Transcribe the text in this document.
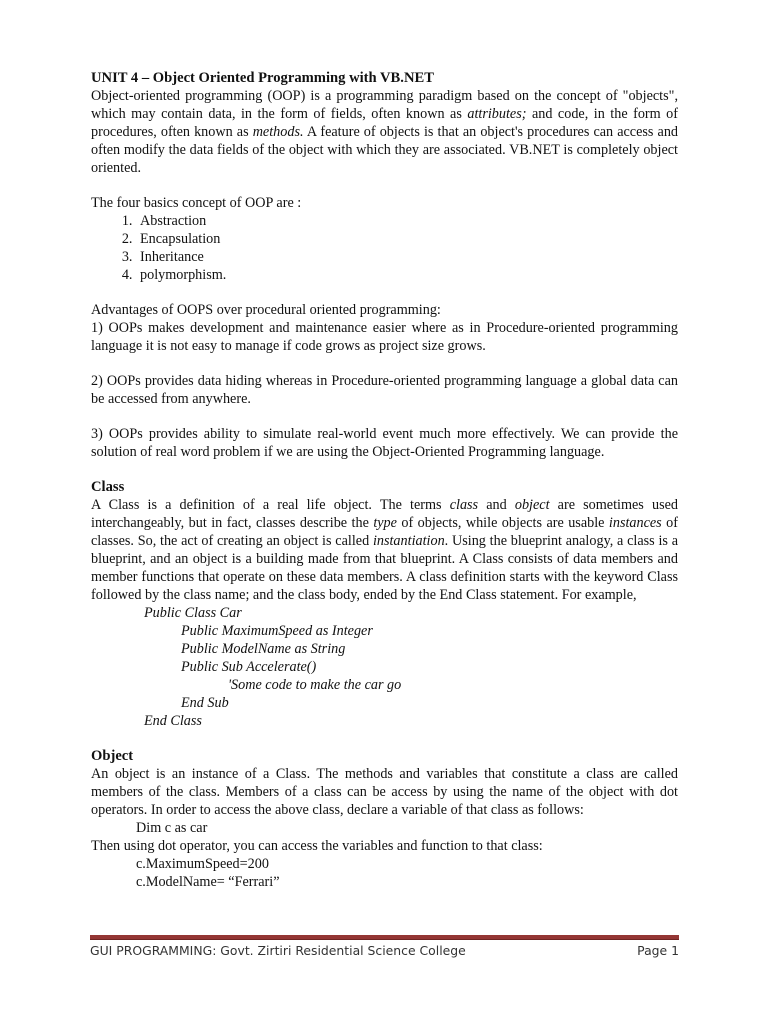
UNIT 4 – Object Oriented Programming with VB.NET

Object-oriented programming (OOP) is a programming paradigm based on the concept of "objects", which may contain data, in the form of fields, often known as attributes; and code, in the form of procedures, often known as methods. A feature of objects is that an object's procedures can access and often modify the data fields of the object with which they are associated. VB.NET is completely object oriented.

The four basics concept of OOP are :

1. Abstraction
2. Encapsulation
3. Inheritance
4. polymorphism.

Advantages of OOPS over procedural oriented programming:

1) OOPs makes development and maintenance easier where as in Procedure-oriented programming language it is not easy to manage if code grows as project size grows.

2) OOPs provides data hiding whereas in Procedure-oriented programming language a global data can be accessed from anywhere.

3) OOPs provides ability to simulate real-world event much more effectively. We can provide the solution of real word problem if we are using the Object-Oriented Programming language.

Class

A Class is a definition of a real life object. The terms class and object are sometimes used interchangeably, but in fact, classes describe the type of objects, while objects are usable instances of classes. So, the act of creating an object is called instantiation. Using the blueprint analogy, a class is a blueprint, and an object is a building made from that blueprint. A Class consists of data members and member functions that operate on these data members. A class definition starts with the keyword Class followed by the class name; and the class body, ended by the End Class statement. For example,

Public Class Car

Public MaximumSpeed as Integer

Public ModelName as String

Public Sub Accelerate()

'Some code to make the car go

End Sub

End Class

Object

An object is an instance of a Class. The methods and variables that constitute a class are called members of the class. Members of a class can be access by using the name of the object with dot operators. In order to access the above class, declare a variable of that class as follows:

Dim c as car

Then using dot operator, you can access the variables and function to that class:

c.MaximumSpeed=200

c.ModelName= “Ferrari”

GUI PROGRAMMING: Govt. Zirtiri Residential Science College	Page 1
